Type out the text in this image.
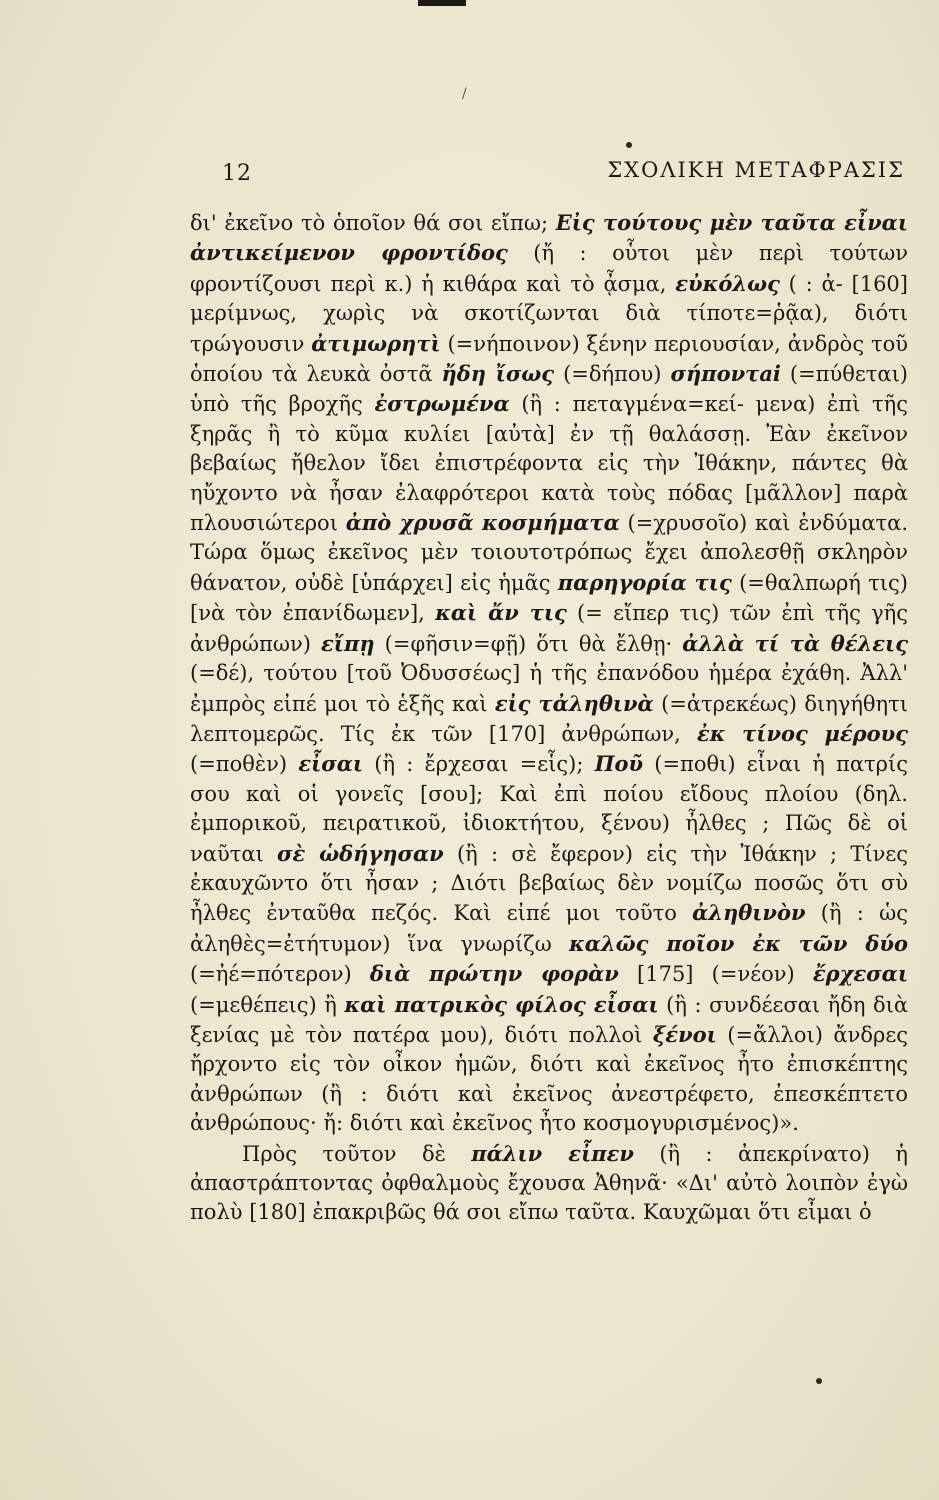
/
12	ΣΧΟΛΙΚΗ ΜΕΤΑΦΡΑΣΙΣ

δι' ἐκεῖνο τὸ ὁποῖον θά σοι εἴπω; Εἰς τούτους μὲν ταῦτα εἶναι ἀντικείμενον φροντίδος (ἤ : οὗτοι μὲν περὶ τούτων φροντίζουσι περὶ κ.) ἡ κιθάρα καὶ τὸ ᾆσμα, εὐκόλως ( : ἀ- [160] μερίμνως, χωρὶς νὰ σκοτίζωνται διὰ τίποτε=ῥᾷα), διότι τρώγουσιν ἀτιμωρητὶ (=νήποινον) ξένην περιουσίαν, ἀνδρὸς τοῦ ὁποίου τὰ λευκὰ ὀστᾶ ἤδη ἴσως (=δήπου) σήποντai (=πύθεται) ὑπὸ τῆς βροχῆς ἐστρωμένα (ἢ : πεταγμένα=κεί- μενα) ἐπὶ τῆς ξηρᾶς ἢ τὸ κῦμα κυλίει [αὐτὰ] ἐν τῇ θαλάσσῃ. Ἐὰν ἐκεῖνον βεβαίως ἤθελον ἴδει ἐπιστρέφοντα εἰς τὴν Ἰθάκην, πάντες θὰ ηὔχοντο νὰ ἦσαν ἐλαφρότεροι κατὰ τοὺς πόδας [μᾶλλον] παρὰ πλουσιώτεροι ἀπὸ χρυσᾶ κοσμήματα (=χρυσοῖο) καὶ ἐνδύματα. Τώρα ὅμως ἐκεῖνος μὲν τοιουτοτρόπως ἔχει ἀπολεσθῇ σκληρὸν θάνατον, οὐδὲ [ὑπάρχει] εἰς ἡμᾶς παρηγορία τις (=θαλπωρή τις) [νὰ τὸν ἐπανίδωμεν], καὶ ἄν τις (= εἴπερ τις) τῶν ἐπὶ τῆς γῆς ἀνθρώπων) εἴπῃ (=φῆσιν=φῇ) ὅτι θὰ ἔλθῃ· ἀλλὰ τί τὰ θέλεις (=δέ), τούτου [τοῦ Ὀδυσσέως] ἡ τῆς ἐπανόδου ἡμέρα ἐχάθη. Ἀλλ' ἐμπρὸς εἰπέ μοι τὸ ἑξῆς καὶ εἰς τἀληθινὰ (=ἀτρεκέως) διηγήθητι λεπτομερῶς. Τίς ἐκ τῶν [170] ἀνθρώπων, ἐκ τίνος μέρους (=ποθὲν) εἶσαι (ἢ : ἔρχεσαι =εἷς); Ποῦ (=ποθι) εἶναι ἡ πατρίς σου καὶ οἱ γονεῖς [σου]; Καὶ ἐπὶ ποίου εἴδους πλοίου (δηλ. ἐμπορικοῦ, πειρατικοῦ, ἰδιοκτήτου, ξένου) ἦλθες ; Πῶς δὲ οἱ ναῦται σὲ ὡδήγησαν (ἢ : σὲ ἔφερον) εἰς τὴν Ἰθάκην ; Τίνες ἐκαυχῶντο ὅτι ἦσαν ; Διότι βεβαίως δὲν νομίζω ποσῶς ὅτι σὺ ἦλθες ἐνταῦθα πεζός. Καὶ εἰπέ μοι τοῦτο ἀληθινὸν (ἢ : ὡς ἀληθὲς=ἐτήτυμον) ἵνα γνωρίζω καλῶς ποῖον ἐκ τῶν δύο (=ἠέ=πότερον) διὰ πρώτην φορὰν [175] (=νέον) ἔρχεσαι (=μεθέπεις) ἢ καὶ πατρικὸς φίλος εἶσαι (ἢ : συνδέεσαι ἤδη διὰ ξενίας μὲ τὸν πατέρα μου), διότι πολλοὶ ξένοι (=ἄλλοι) ἄνδρες ἤρχοντο εἰς τὸν οἶκον ἡμῶν, διότι καὶ ἐκεῖνος ἦτο ἐπισκέπτης ἀνθρώπων (ἢ : διότι καὶ ἐκεῖνος ἀνεστρέφετο, ἐπεσκέπτετο ἀνθρώπους· ἤ: διότι καὶ ἐκεῖνος ἦτο κοσμογυρισμένος)».

Πρὸς τοῦτον δὲ πάλιν εἶπεν (ἢ : ἀπεκρίνατο) ἡ ἀπαστράπτοντας ὀφθαλμοὺς ἔχουσα Ἀθηνᾶ· «Δι' αὐτὸ λοιπὸν ἐγὼ πολὺ [180] ἐπακριβῶς θά σοι εἴπω ταῦτα. Καυχῶμαι ὅτι εἶμαι ὁ
